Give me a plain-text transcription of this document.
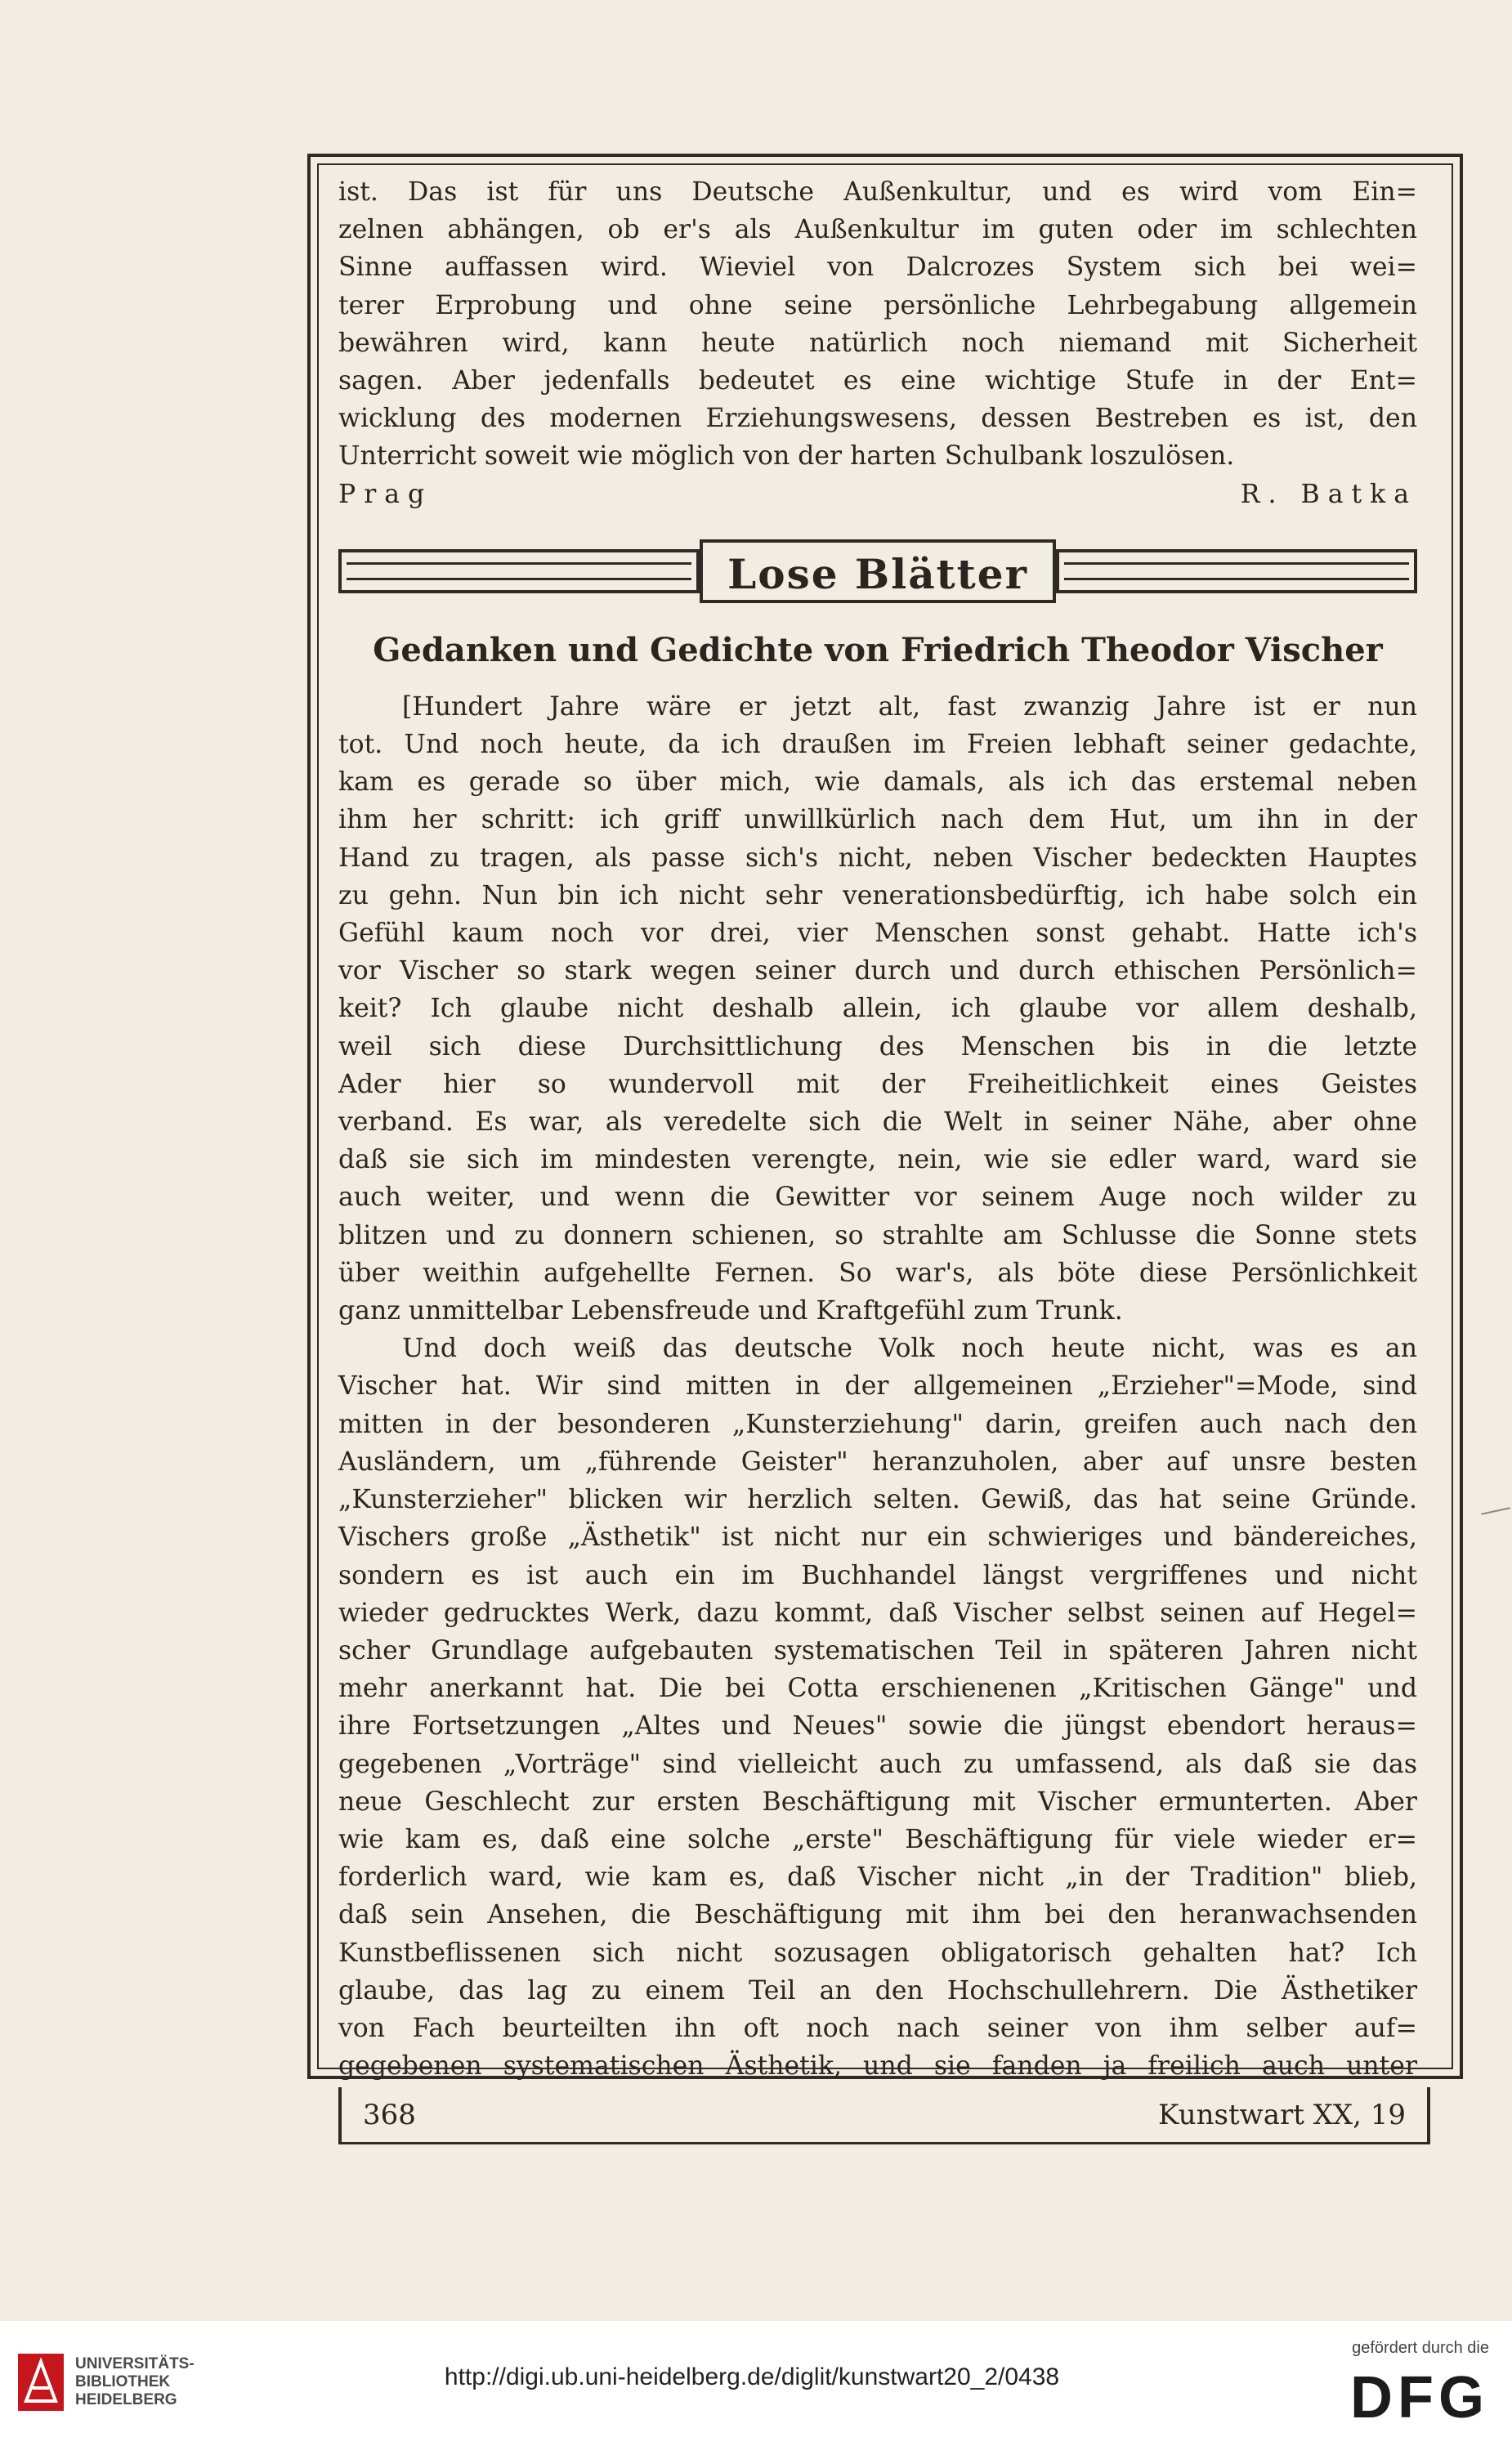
ist. Das ist für uns Deutsche Außenkultur, und es wird vom Ein=

zelnen abhängen, ob er's als Außenkultur im guten oder im schlechten

Sinne auffassen wird. Wieviel von Dalcrozes System sich bei wei=

terer Erprobung und ohne seine persönliche Lehrbegabung allgemein

bewähren wird, kann heute natürlich noch niemand mit Sicherheit

sagen. Aber jedenfalls bedeutet es eine wichtige Stufe in der Ent=

wicklung des modernen Erziehungswesens, dessen Bestreben es ist, den

Unterricht soweit wie möglich von der harten Schulbank loszulösen.

Prag	R. Batka
Lose Blätter

Gedanken und Gedichte von Friedrich Theodor Vischer

[Hundert Jahre wäre er jetzt alt, fast zwanzig Jahre ist er nun

tot. Und noch heute, da ich draußen im Freien lebhaft seiner gedachte,

kam es gerade so über mich, wie damals, als ich das erstemal neben

ihm her schritt: ich griff unwillkürlich nach dem Hut, um ihn in der

Hand zu tragen, als passe sich's nicht, neben Vischer bedeckten Hauptes

zu gehn. Nun bin ich nicht sehr venerationsbedürftig, ich habe solch ein

Gefühl kaum noch vor drei, vier Menschen sonst gehabt. Hatte ich's

vor Vischer so stark wegen seiner durch und durch ethischen Persönlich=

keit? Ich glaube nicht deshalb allein, ich glaube vor allem deshalb,

weil sich diese Durchsittlichung des Menschen bis in die letzte

Ader hier so wundervoll mit der Freiheitlichkeit eines Geistes

verband. Es war, als veredelte sich die Welt in seiner Nähe, aber ohne

daß sie sich im mindesten verengte, nein, wie sie edler ward, ward sie

auch weiter, und wenn die Gewitter vor seinem Auge noch wilder zu

blitzen und zu donnern schienen, so strahlte am Schlusse die Sonne stets

über weithin aufgehellte Fernen. So war's, als böte diese Persönlichkeit

ganz unmittelbar Lebensfreude und Kraftgefühl zum Trunk.

Und doch weiß das deutsche Volk noch heute nicht, was es an

Vischer hat. Wir sind mitten in der allgemeinen „Erzieher"=Mode, sind

mitten in der besonderen „Kunsterziehung" darin, greifen auch nach den

Ausländern, um „führende Geister" heranzuholen, aber auf unsre besten

„Kunsterzieher" blicken wir herzlich selten. Gewiß, das hat seine Gründe.

Vischers große „Ästhetik" ist nicht nur ein schwieriges und bändereiches,

sondern es ist auch ein im Buchhandel längst vergriffenes und nicht

wieder gedrucktes Werk, dazu kommt, daß Vischer selbst seinen auf Hegel=

scher Grundlage aufgebauten systematischen Teil in späteren Jahren nicht

mehr anerkannt hat. Die bei Cotta erschienenen „Kritischen Gänge" und

ihre Fortsetzungen „Altes und Neues" sowie die jüngst ebendort heraus=

gegebenen „Vorträge" sind vielleicht auch zu umfassend, als daß sie das

neue Geschlecht zur ersten Beschäftigung mit Vischer ermunterten. Aber

wie kam es, daß eine solche „erste" Beschäftigung für viele wieder er=

forderlich ward, wie kam es, daß Vischer nicht „in der Tradition" blieb,

daß sein Ansehen, die Beschäftigung mit ihm bei den heranwachsenden

Kunstbeflissenen sich nicht sozusagen obligatorisch gehalten hat? Ich

glaube, das lag zu einem Teil an den Hochschullehrern. Die Ästhetiker

von Fach beurteilten ihn oft noch nach seiner von ihm selber auf=

gegebenen systematischen Ästhetik, und sie fanden ja freilich auch unter

368	Kunstwart XX, 19
UNIVERSITÄTS-
BIBLIOTHEK
HEIDELBERG
http://digi.ub.uni-heidelberg.de/diglit/kunstwart20_2/0438
gefördert durch die
DFG
